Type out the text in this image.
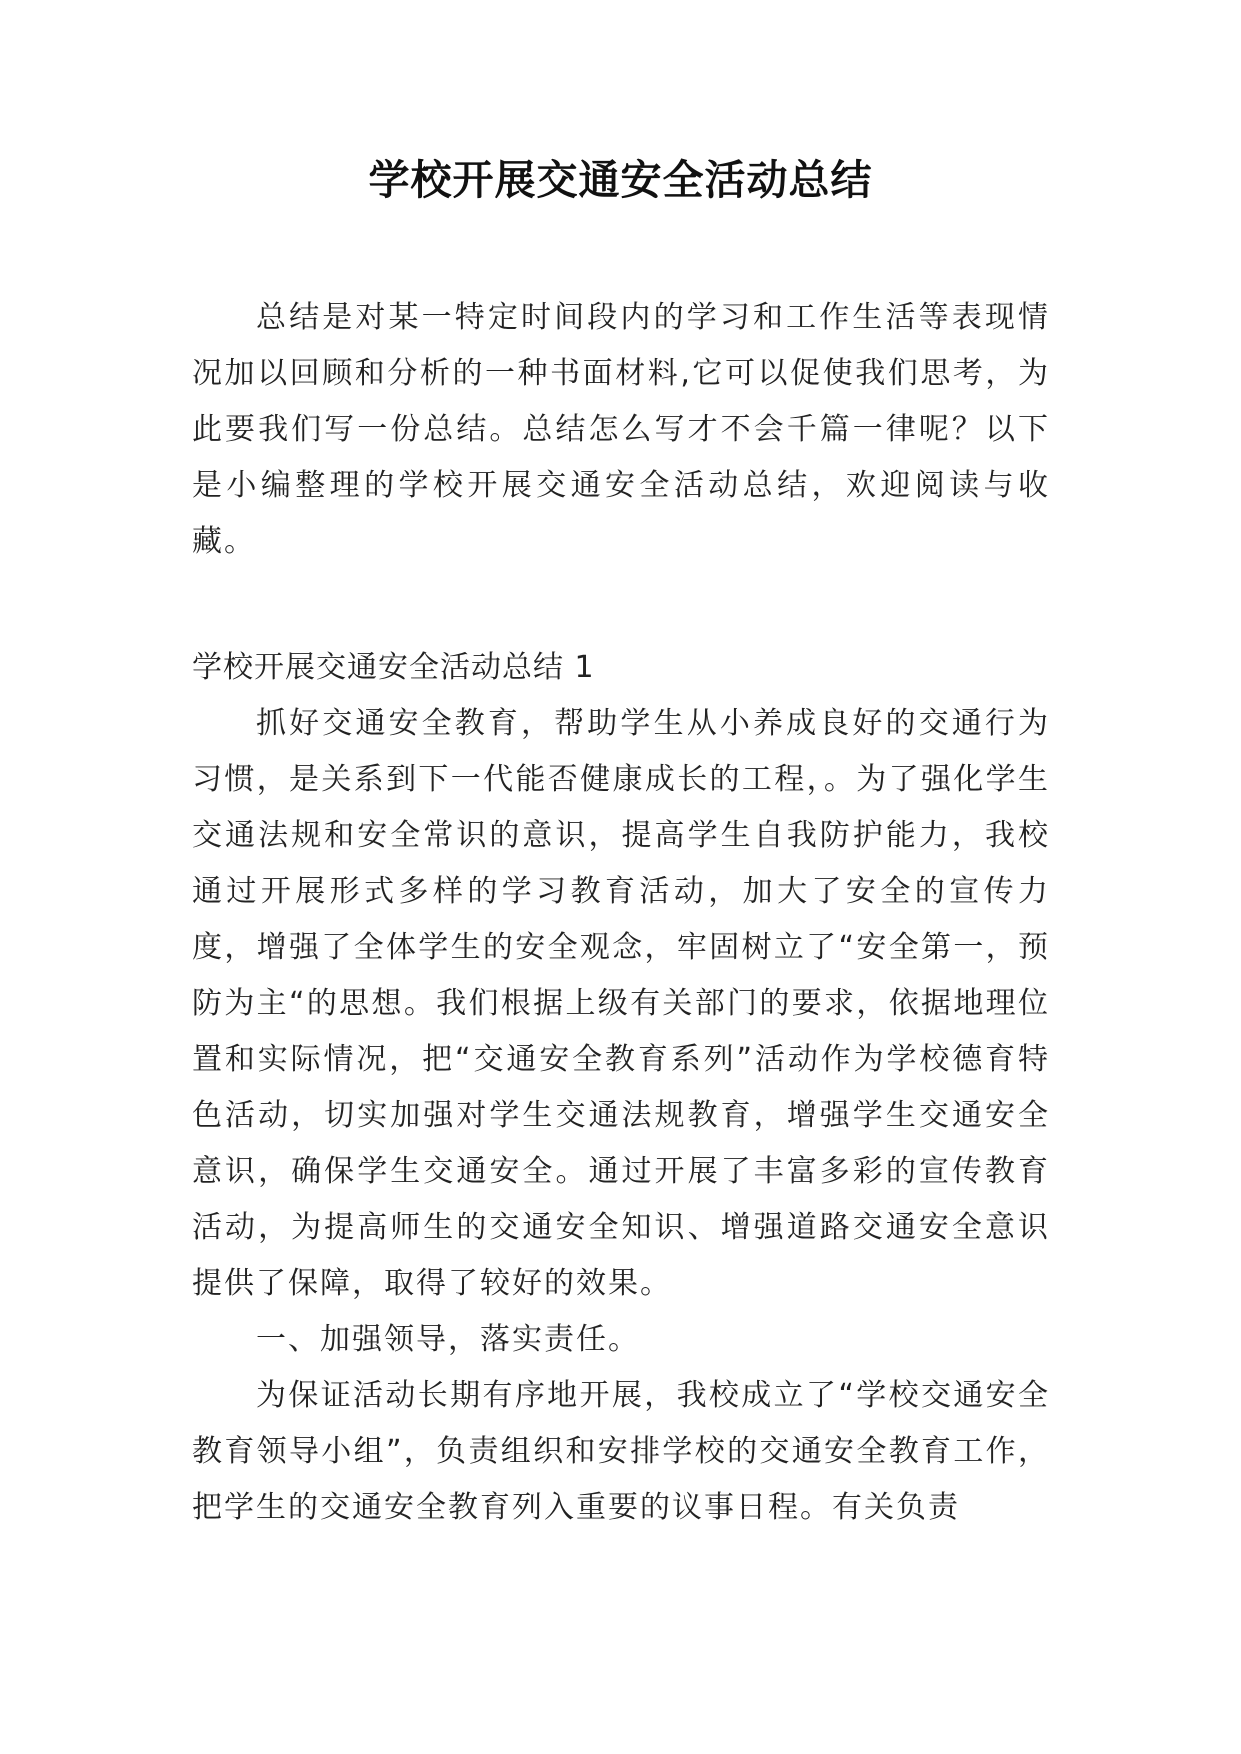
学校开展交通安全活动总结

总结是对某一特定时间段内的学习和工作生活等表现情况加以回顾和分析的一种书面材料,它可以促使我们思考，为此要我们写一份总结。总结怎么写才不会千篇一律呢？以下是小编整理的学校开展交通安全活动总结，欢迎阅读与收藏。

学校开展交通安全活动总结 1

抓好交通安全教育，帮助学生从小养成良好的交通行为习惯，是关系到下一代能否健康成长的工程，。为了强化学生交通法规和安全常识的意识，提高学生自我防护能力，我校通过开展形式多样的学习教育活动，加大了安全的宣传力度，增强了全体学生的安全观念，牢固树立了“安全第一，预防为主“的思想。我们根据上级有关部门的要求，依据地理位置和实际情况，把“交通安全教育系列”活动作为学校德育特色活动，切实加强对学生交通法规教育，增强学生交通安全意识，确保学生交通安全。通过开展了丰富多彩的宣传教育活动，为提高师生的交通安全知识、增强道路交通安全意识提供了保障，取得了较好的效果。

一、加强领导，落实责任。

为保证活动长期有序地开展，我校成立了“学校交通安全教育领导小组”，负责组织和安排学校的交通安全教育工作，把学生的交通安全教育列入重要的议事日程。有关负责
